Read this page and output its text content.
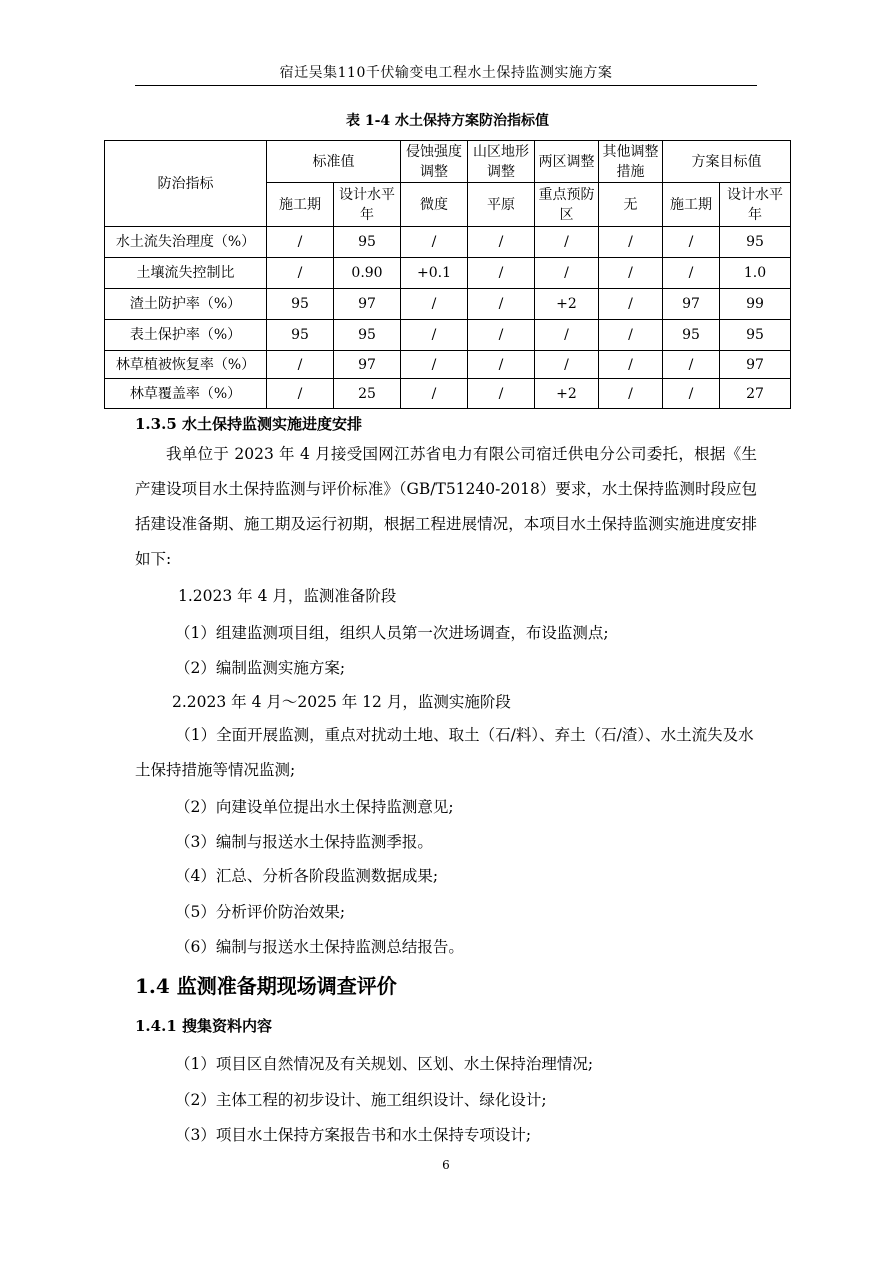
宿迁吴集110千伏输变电工程水土保持监测实施方案
表 1-4 水土保持方案防治指标值
防治指标	标准值		侵蚀强度调整	山区地形调整	两区调整	其他调整措施	方案目标值	
	施工期	设计水平年	微度	平原	重点预防区	无	施工期	设计水平年
水土流失治理度（%）	/	95	/	/	/	/	/	95
土壤流失控制比	/	0.90	+0.1	/	/	/	/	1.0
渣土防护率（%）	95	97	/	/	+2	/	97	99
表土保护率（%）	95	95	/	/	/	/	95	95
林草植被恢复率（%）	/	97	/	/	/	/	/	97
林草覆盖率（%）	/	25	/	/	+2	/	/	27
1.3.5 水土保持监测实施进度安排

我单位于 2023 年 4 月接受国网江苏省电力有限公司宿迁供电分公司委托，根据《生产建设项目水土保持监测与评价标准》（GB/T51240-2018）要求，水土保持监测时段应包括建设准备期、施工期及运行初期，根据工程进展情况，本项目水土保持监测实施进度安排如下:

1.2023 年 4 月，监测准备阶段

（1）组建监测项目组，组织人员第一次进场调查，布设监测点;

（2）编制监测实施方案;

2.2023 年 4 月～2025 年 12 月，监测实施阶段

（1）全面开展监测，重点对扰动土地、取土（石/料）、弃土（石/渣）、水土流失及水土保持措施等情况监测;

（2）向建设单位提出水土保持监测意见;

（3）编制与报送水土保持监测季报。

（4）汇总、分析各阶段监测数据成果;

（5）分析评价防治效果;

（6）编制与报送水土保持监测总结报告。

1.4 监测准备期现场调查评价
1.4.1 搜集资料内容

（1）项目区自然情况及有关规划、区划、水土保持治理情况;

（2）主体工程的初步设计、施工组织设计、绿化设计;

（3）项目水土保持方案报告书和水土保持专项设计;

6
